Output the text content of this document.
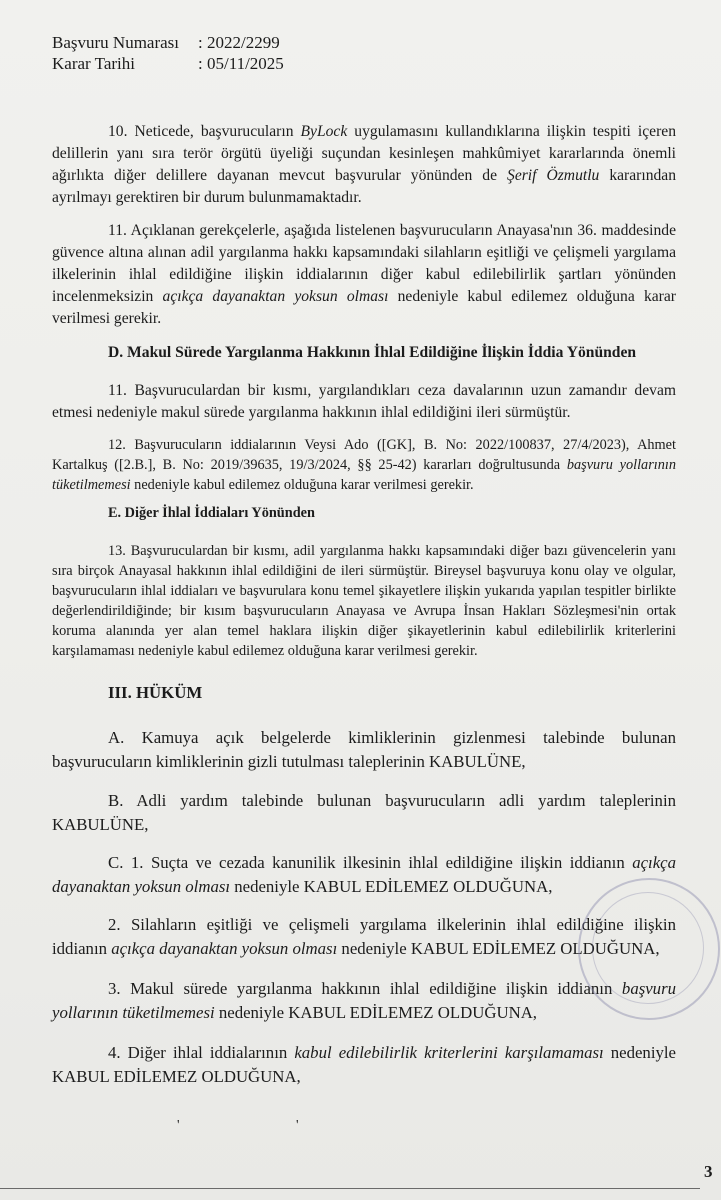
Başvuru Numarası : 2022/2299
Karar Tarihi	: 05/11/2025
10. Neticede, başvurucuların ByLock uygulamasını kullandıklarına ilişkin tespiti içeren delillerin yanı sıra terör örgütü üyeliği suçundan kesinleşen mahkûmiyet kararlarında önemli ağırlıkta diğer delillere dayanan mevcut başvurular yönünden de Şerif Özmutlu kararından ayrılmayı gerektiren bir durum bulunmamaktadır.
11. Açıklanan gerekçelerle, aşağıda listelenen başvurucuların Anayasa'nın 36. maddesinde güvence altına alınan adil yargılanma hakkı kapsamındaki silahların eşitliği ve çelişmeli yargılama ilkelerinin ihlal edildiğine ilişkin iddialarının diğer kabul edilebilirlik şartları yönünden incelenmeksizin açıkça dayanaktan yoksun olması nedeniyle kabul edilemez olduğuna karar verilmesi gerekir.
D. Makul Sürede Yargılanma Hakkının İhlal Edildiğine İlişkin İddia Yönünden
11. Başvuruculardan bir kısmı, yargılandıkları ceza davalarının uzun zamandır devam etmesi nedeniyle makul sürede yargılanma hakkının ihlal edildiğini ileri sürmüştür.
12. Başvurucuların iddialarının Veysi Ado ([GK], B. No: 2022/100837, 27/4/2023), Ahmet Kartalkuş ([2.B.], B. No: 2019/39635, 19/3/2024, §§ 25-42) kararları doğrultusunda başvuru yollarının tüketilmemesi nedeniyle kabul edilemez olduğuna karar verilmesi gerekir.
E. Diğer İhlal İddiaları Yönünden
13. Başvuruculardan bir kısmı, adil yargılanma hakkı kapsamındaki diğer bazı güvencelerin yanı sıra birçok Anayasal hakkının ihlal edildiğini de ileri sürmüştür. Bireysel başvuruya konu olay ve olgular, başvurucuların ihlal iddiaları ve başvurulara konu temel şikayetlere ilişkin yukarıda yapılan tespitler birlikte değerlendirildiğinde; bir kısım başvurucuların Anayasa ve Avrupa İnsan Hakları Sözleşmesi'nin ortak koruma alanında yer alan temel haklara ilişkin diğer şikayetlerinin kabul edilebilirlik kriterlerini karşılamaması nedeniyle kabul edilemez olduğuna karar verilmesi gerekir.
III. HÜKÜM
A. Kamuya açık belgelerde kimliklerinin gizlenmesi talebinde bulunan başvurucuların kimliklerinin gizli tutulması taleplerinin KABULÜNE,
B. Adli yardım talebinde bulunan başvurucuların adli yardım taleplerinin KABULÜNE,
C. 1. Suçta ve cezada kanunilik ilkesinin ihlal edildiğine ilişkin iddianın açıkça dayanaktan yoksun olması nedeniyle KABUL EDİLEMEZ OLDUĞUNA,
2. Silahların eşitliği ve çelişmeli yargılama ilkelerinin ihlal edildiğine ilişkin iddianın açıkça dayanaktan yoksun olması nedeniyle KABUL EDİLEMEZ OLDUĞUNA,
3. Makul sürede yargılanma hakkının ihlal edildiğine ilişkin iddianın başvuru yollarının tüketilmemesi nedeniyle KABUL EDİLEMEZ OLDUĞUNA,
4. Diğer ihlal iddialarının kabul edilebilirlik kriterlerini karşılamaması nedeniyle KABUL EDİLEMEZ OLDUĞUNA,
'	'
3
